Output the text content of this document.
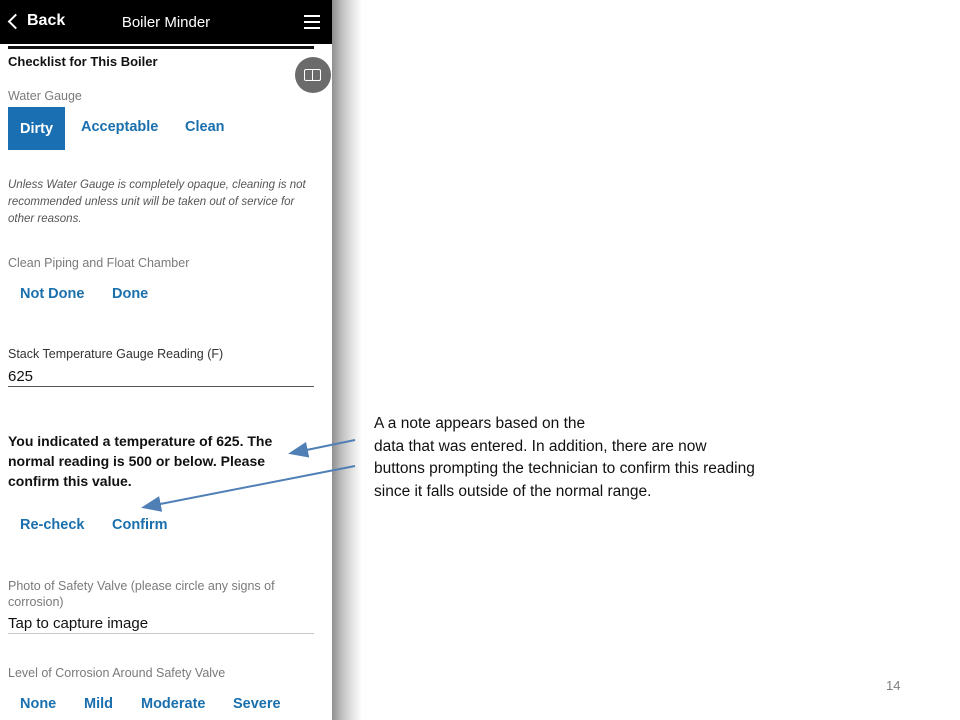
Back	Boiler Minder
Checklist for This Boiler
Water Gauge
Dirty	Acceptable Clean
Unless Water Gauge is completely opaque, cleaning is not recommended unless unit will be taken out of service for other reasons.
Clean Piping and Float Chamber
Not Done Done
Stack Temperature Gauge Reading (F)
625
You indicated a temperature of 625. The normal reading is 500 or below. Please confirm this value.
Re-check Confirm
Photo of Safety Valve (please circle any signs of corrosion)
Tap to capture image
Level of Corrosion Around Safety Valve
None Mild Moderate Severe
A a note appears based on the
data that was entered. In addition, there are now
buttons prompting the technician to confirm this reading
since it falls outside of the normal range.
14
